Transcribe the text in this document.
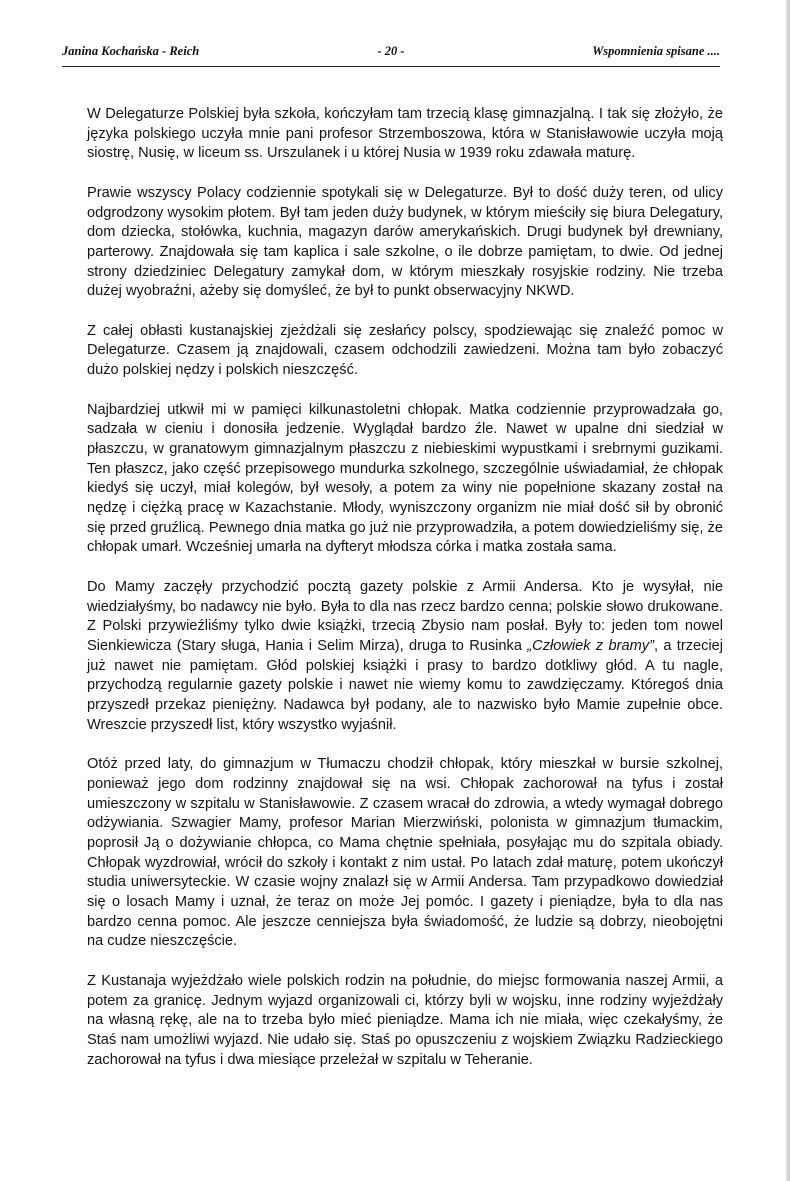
Janina Kochańska - Reich	- 20 -	Wspomnienia spisane ....

W Delegaturze Polskiej była szkoła, kończyłam tam trzecią klasę gimnazjalną. I tak się złożyło, że języka polskiego uczyła mnie pani profesor Strzemboszowa, która w Stanisławowie uczyła moją siostrę, Nusię, w liceum ss. Urszulanek i u której Nusia w 1939 roku zdawała maturę.

Prawie wszyscy Polacy codziennie spotykali się w Delegaturze. Był to dość duży teren, od ulicy odgrodzony wysokim płotem. Był tam jeden duży budynek, w którym mieściły się biura Delegatury, dom dziecka, stołówka, kuchnia, magazyn darów amerykańskich. Drugi budynek był drewniany, parterowy. Znajdowała się tam kaplica i sale szkolne, o ile dobrze pamiętam, to dwie. Od jednej strony dziedziniec Delegatury zamykał dom, w którym mieszkały rosyjskie rodziny. Nie trzeba dużej wyobraźni, ażeby się domyśleć, że był to punkt obserwacyjny NKWD.

Z całej obłasti kustanajskiej zjeżdżali się zesłańcy polscy, spodziewając się znaleźć pomoc w Delegaturze. Czasem ją znajdowali, czasem odchodzili zawiedzeni. Można tam było zobaczyć dużo polskiej nędzy i polskich nieszczęść.

Najbardziej utkwił mi w pamięci kilkunastoletni chłopak. Matka codziennie przyprowadzała go, sadzała w cieniu i donosiła jedzenie. Wyglądał bardzo źle. Nawet w upalne dni siedział w płaszczu, w granatowym gimnazjalnym płaszczu z niebieskimi wypustkami i srebrnymi guzikami. Ten płaszcz, jako część przepisowego mundurka szkolnego, szczególnie uświadamiał, że chłopak kiedyś się uczył, miał kolegów, był wesoły, a potem za winy nie popełnione skazany został na nędzę i ciężką pracę w Kazachstanie. Młody, wyniszczony organizm nie miał dość sił by obronić się przed gruźlicą. Pewnego dnia matka go już nie przyprowadziła, a potem dowiedzieliśmy się, że chłopak umarł. Wcześniej umarła na dyfteryt młodsza córka i matka została sama.

Do Mamy zaczęły przychodzić pocztą gazety polskie z Armii Andersa. Kto je wysyłał, nie wiedziałyśmy, bo nadawcy nie było. Była to dla nas rzecz bardzo cenna; polskie słowo drukowane. Z Polski przywieźliśmy tylko dwie książki, trzecią Zbysio nam posłał. Były to: jeden tom nowel Sienkiewicza (Stary sługa, Hania i Selim Mirza), druga to Rusinka „Człowiek z bramy”, a trzeciej już nawet nie pamiętam. Głód polskiej książki i prasy to bardzo dotkliwy głód. A tu nagle, przychodzą regularnie gazety polskie i nawet nie wiemy komu to zawdzięczamy. Któregoś dnia przyszedł przekaz pieniężny. Nadawca był podany, ale to nazwisko było Mamie zupełnie obce. Wreszcie przyszedł list, który wszystko wyjaśnił.

Otóż przed laty, do gimnazjum w Tłumaczu chodził chłopak, który mieszkał w bursie szkolnej, ponieważ jego dom rodzinny znajdował się na wsi. Chłopak zachorował na tyfus i został umieszczony w szpitalu w Stanisławowie. Z czasem wracał do zdrowia, a wtedy wymagał dobrego odżywiania. Szwagier Mamy, profesor Marian Mierzwiński, polonista w gimnazjum tłumackim, poprosił Ją o dożywianie chłopca, co Mama chętnie spełniała, posyłając mu do szpitala obiady. Chłopak wyzdrowiał, wrócił do szkoły i kontakt z nim ustał. Po latach zdał maturę, potem ukończył studia uniwersyteckie. W czasie wojny znalazł się w Armii Andersa. Tam przypadkowo dowiedział się o losach Mamy i uznał, że teraz on może Jej pomóc. I gazety i pieniądze, była to dla nas bardzo cenna pomoc. Ale jeszcze cenniejsza była świadomość, że ludzie są dobrzy, nieobojętni na cudze nieszczęście.

Z Kustanaja wyjeżdżało wiele polskich rodzin na południe, do miejsc formowania naszej Armii, a potem za granicę. Jednym wyjazd organizowali ci, którzy byli w wojsku, inne rodziny wyjeżdżały na własną rękę, ale na to trzeba było mieć pieniądze. Mama ich nie miała, więc czekałyśmy, że Staś nam umożliwi wyjazd. Nie udało się. Staś po opuszczeniu z wojskiem Związku Radzieckiego zachorował na tyfus i dwa miesiące przeleżał w szpitalu w Teheranie.
